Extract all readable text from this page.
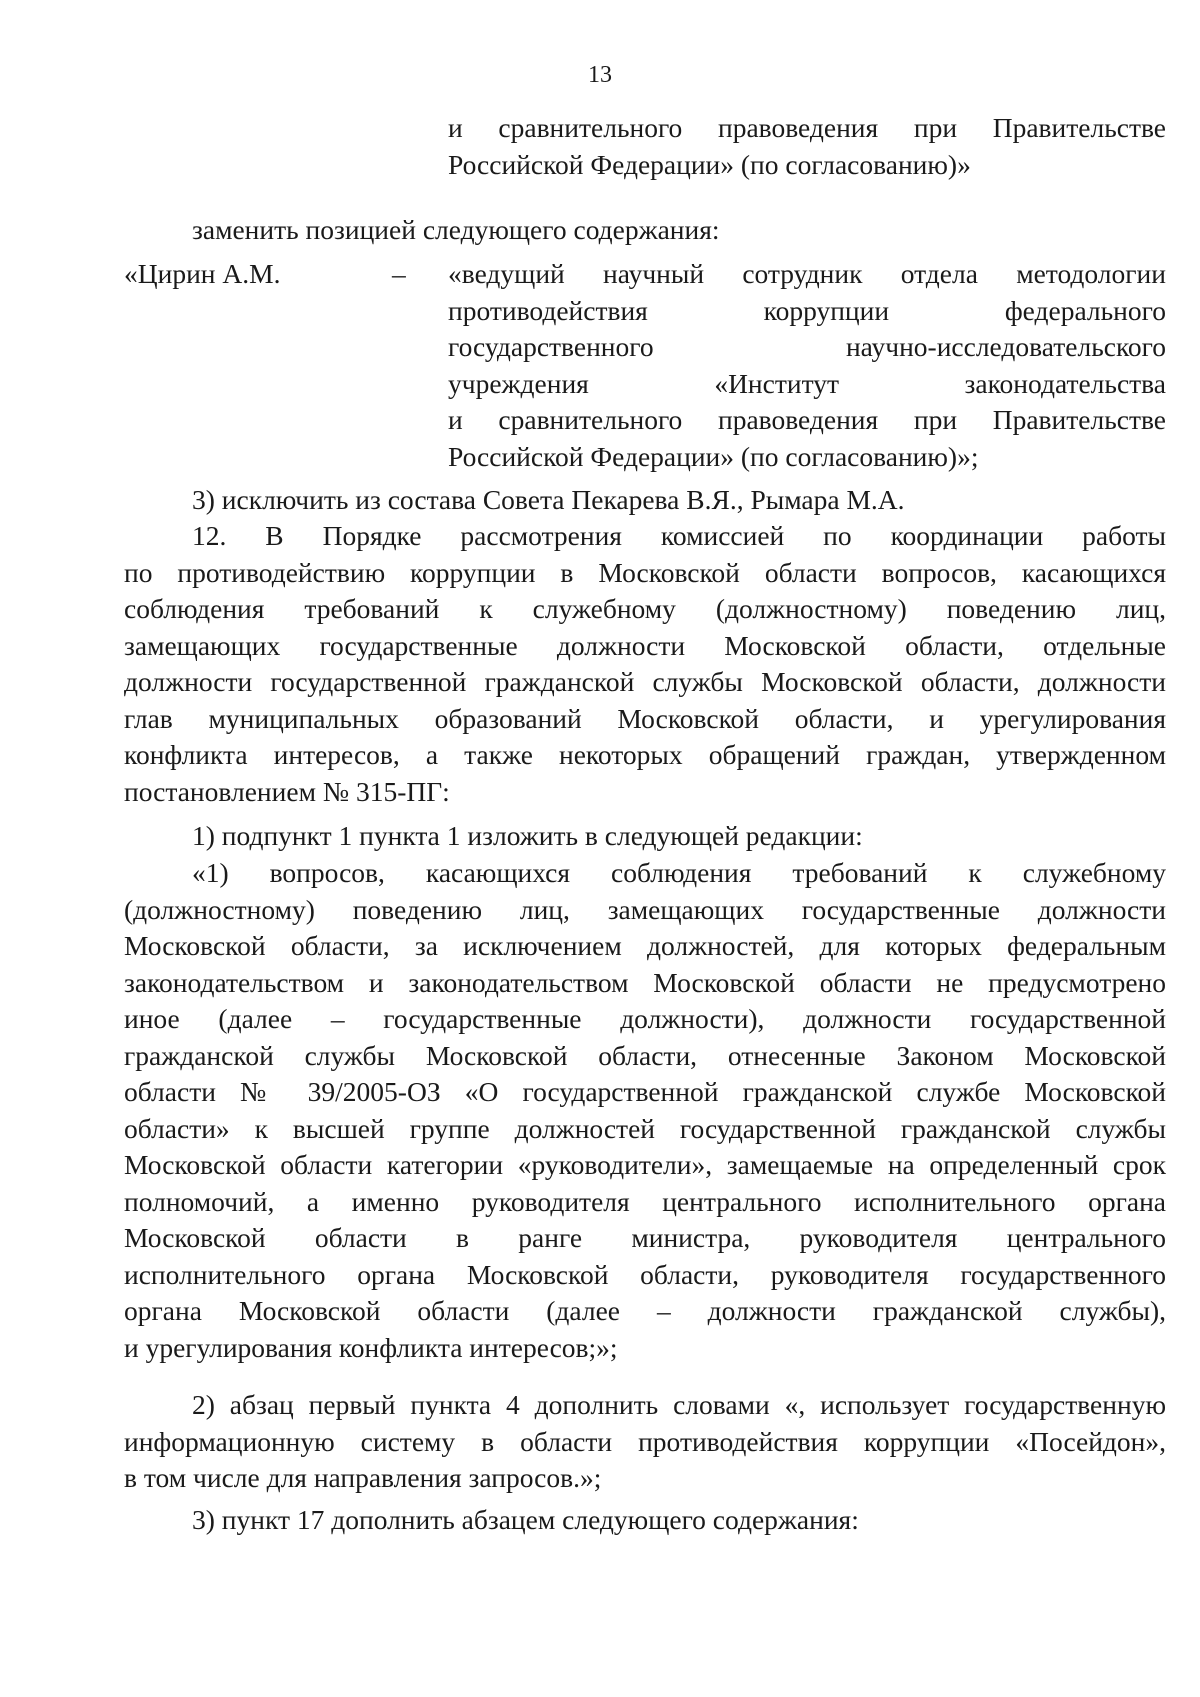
13
и сравнительного правоведения при Правительстве
Российской Федерации» (по согласованию)»
заменить позицией следующего содержания:
«Цирин А.М.	– «ведущий научный сотрудник отдела методологии
противодействия коррупции федерального
государственного научно-исследовательского
учреждения «Институт законодательства
и сравнительного правоведения при Правительстве
Российской Федерации» (по согласованию)»;
3) исключить из состава Совета Пекарева В.Я., Рымара М.А.
12. В Порядке рассмотрения комиссией по координации работы
по противодействию коррупции в Московской области вопросов, касающихся
соблюдения требований к служебному (должностному) поведению лиц,
замещающих государственные должности Московской области, отдельные
должности государственной гражданской службы Московской области, должности
глав муниципальных образований Московской области, и урегулирования
конфликта интересов, а также некоторых обращений граждан, утвержденном
постановлением № 315-ПГ:
1) подпункт 1 пункта 1 изложить в следующей редакции:
«1) вопросов, касающихся соблюдения требований к служебному
(должностному) поведению лиц, замещающих государственные должности
Московской области, за исключением должностей, для которых федеральным
законодательством и законодательством Московской области не предусмотрено
иное (далее – государственные должности), должности государственной
гражданской службы Московской области, отнесенные Законом Московской
области № 39/2005-ОЗ «О государственной гражданской службе Московской
области» к высшей группе должностей государственной гражданской службы
Московской области категории «руководители», замещаемые на определенный срок
полномочий, а именно руководителя центрального исполнительного органа
Московской области в ранге министра, руководителя центрального
исполнительного органа Московской области, руководителя государственного
органа Московской области (далее – должности гражданской службы),
и урегулирования конфликта интересов;»;
2) абзац первый пункта 4 дополнить словами «, использует государственную
информационную систему в области противодействия коррупции «Посейдон»,
в том числе для направления запросов.»;
3) пункт 17 дополнить абзацем следующего содержания:
